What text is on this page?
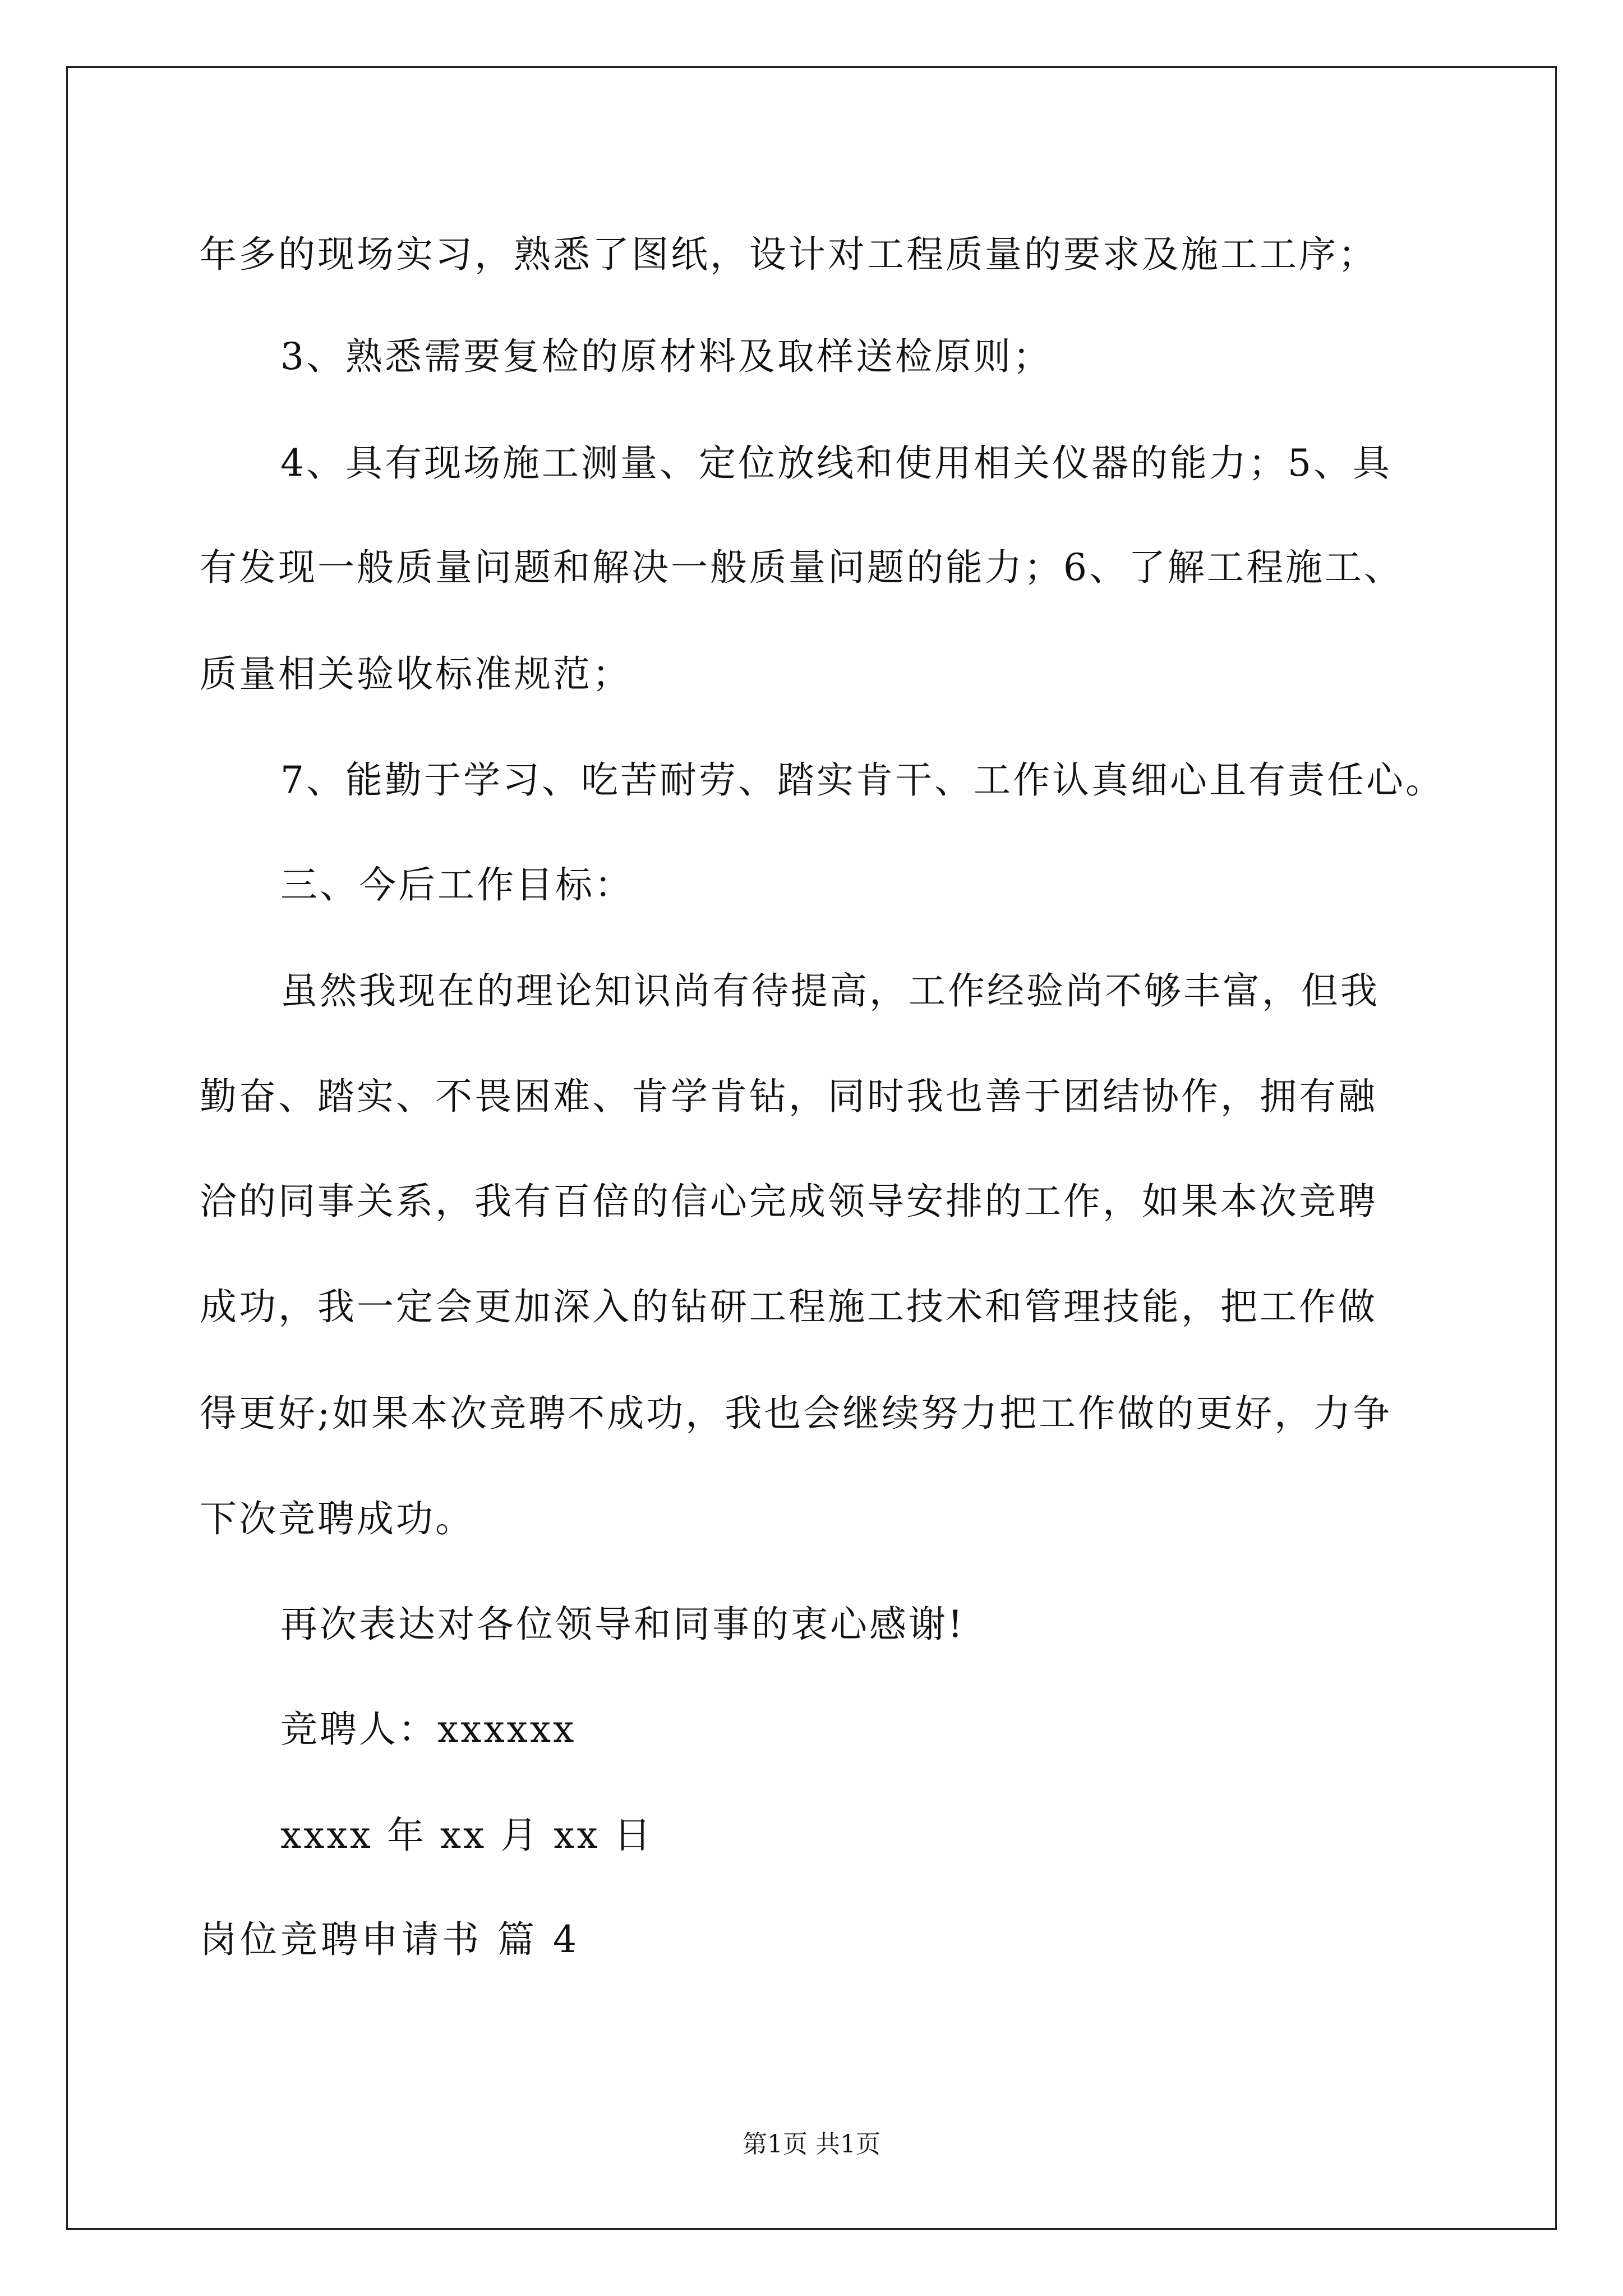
年多的现场实习，熟悉了图纸，设计对工程质量的要求及施工工序；
3、熟悉需要复检的原材料及取样送检原则；
4、具有现场施工测量、定位放线和使用相关仪器的能力；5、具
有发现一般质量问题和解决一般质量问题的能力；6、了解工程施工、
质量相关验收标准规范；
7、能勤于学习、吃苦耐劳、踏实肯干、工作认真细心且有责任心。
三、今后工作目标：
虽然我现在的理论知识尚有待提高，工作经验尚不够丰富，但我
勤奋、踏实、不畏困难、肯学肯钻，同时我也善于团结协作，拥有融
洽的同事关系，我有百倍的信心完成领导安排的工作，如果本次竞聘
成功，我一定会更加深入的钻研工程施工技术和管理技能，把工作做
得更好;如果本次竞聘不成功，我也会继续努力把工作做的更好，力争
下次竞聘成功。
再次表达对各位领导和同事的衷心感谢!
竞聘人：xxxxxx
xxxx 年 xx 月 xx 日
岗位竞聘申请书 篇 4
第1页 共1页
